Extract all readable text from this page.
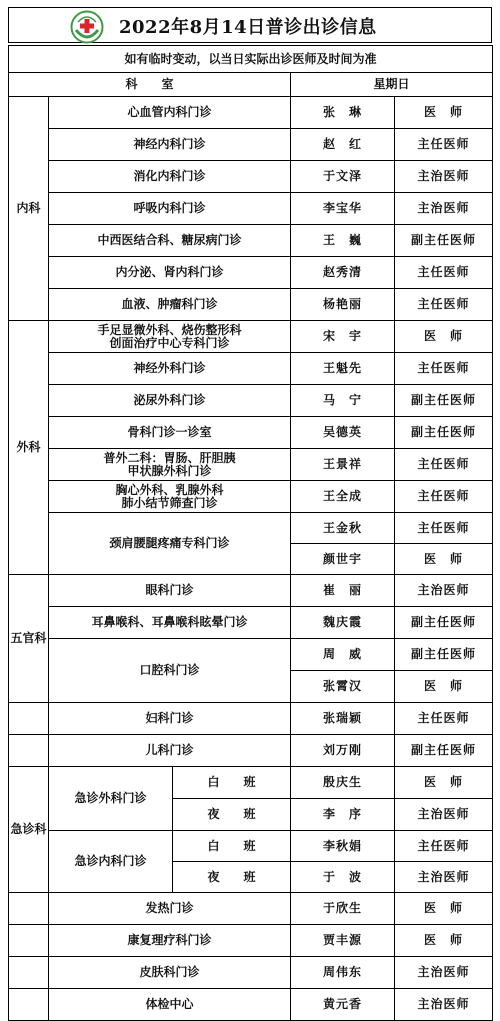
2022年8月14日普诊出诊信息
如有临时变动，以当日实际出诊医师及时间为准				
科　　室			星期日	
内科	心血管内科门诊		张　琳	医　师
	神经内科门诊		赵　红	主任医师
	消化内科门诊		于文泽	主治医师
	呼吸内科门诊		李宝华	主治医师
	中西医结合科、糖尿病门诊		王　巍	副主任医师
	内分泌、肾内科门诊		赵秀清	主任医师
	血液、肿瘤科门诊		杨艳丽	主任医师
外科	手足显微外科、烧伤整形科
创面治疗中心专科门诊		宋　宇	医　师
	神经外科门诊		王魁先	主任医师
	泌尿外科门诊		马　宁	副主任医师
	骨科门诊一诊室		吴德英	副主任医师
	普外二科：胃肠、肝胆胰
甲状腺外科门诊		王景祥	主任医师
	胸心外科、乳腺外科
肺小结节筛查门诊		王全成	主任医师
	颈肩腰腿疼痛专科门诊		王金秋	主任医师
			颜世宇	医　师
五官科	眼科门诊		崔　丽	主治医师
	耳鼻喉科、耳鼻喉科眩晕门诊		魏庆霞	副主任医师
	口腔科门诊		周　威	副主任医师
			张霄汉	医　师
	妇科门诊		张瑞颖	主任医师
	儿科门诊		刘万刚	副主任医师
急诊科	急诊外科门诊	白　　班	殷庆生	医　师
		夜　　班	李　序	主治医师
	急诊内科门诊	白　　班	李秋娟	主任医师
		夜　　班	于　波	主治医师
	发热门诊		于欣生	医　师
	康复理疗科门诊		贾丰源	医　师
	皮肤科门诊		周伟东	主治医师
	体检中心		黄元香	主治医师
